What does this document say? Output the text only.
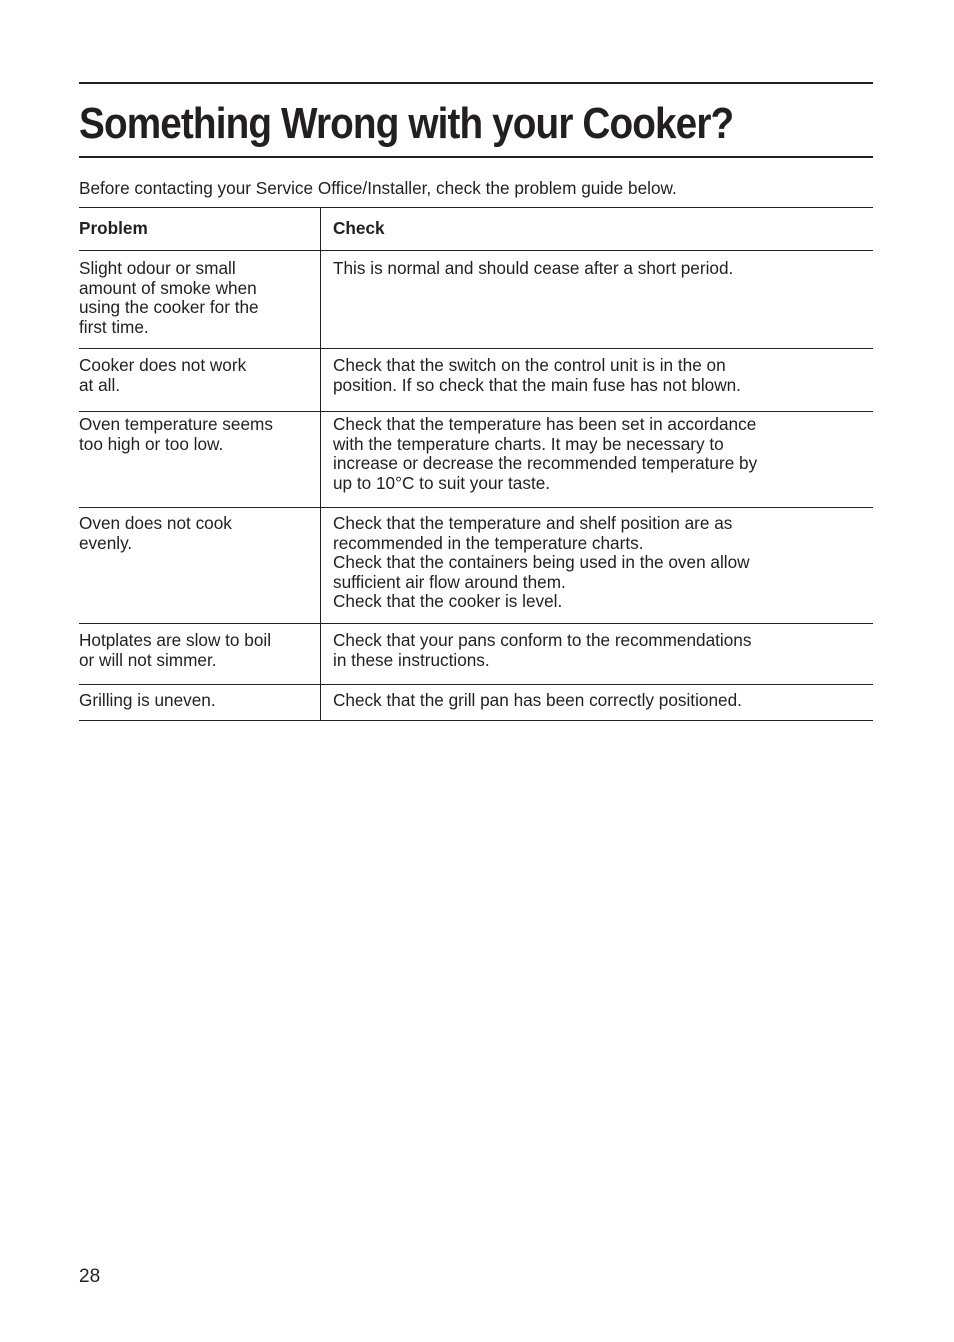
Something Wrong with your Cooker?

Before contacting your Service Office/Installer, check the problem guide below.

Problem	Check
Slight odour or small
amount of smoke when
using the cooker for the
first time.
This is normal and should cease after a short period.
Cooker does not work
at all.
Check that the switch on the control unit is in the on
position. If so check that the main fuse has not blown.
Oven temperature seems
too high or too low.
Check that the temperature has been set in accordance
with the temperature charts. It may be necessary to
increase or decrease the recommended temperature by
up to 10°C to suit your taste.
Oven does not cook
evenly.
Check that the temperature and shelf position are as
recommended in the temperature charts.
Check that the containers being used in the oven allow
sufficient air flow around them.
Check that the cooker is level.
Hotplates are slow to boil
or will not simmer.
Check that your pans conform to the recommendations
in these instructions.
Grilling is uneven.	Check that the grill pan has been correctly positioned.
28
